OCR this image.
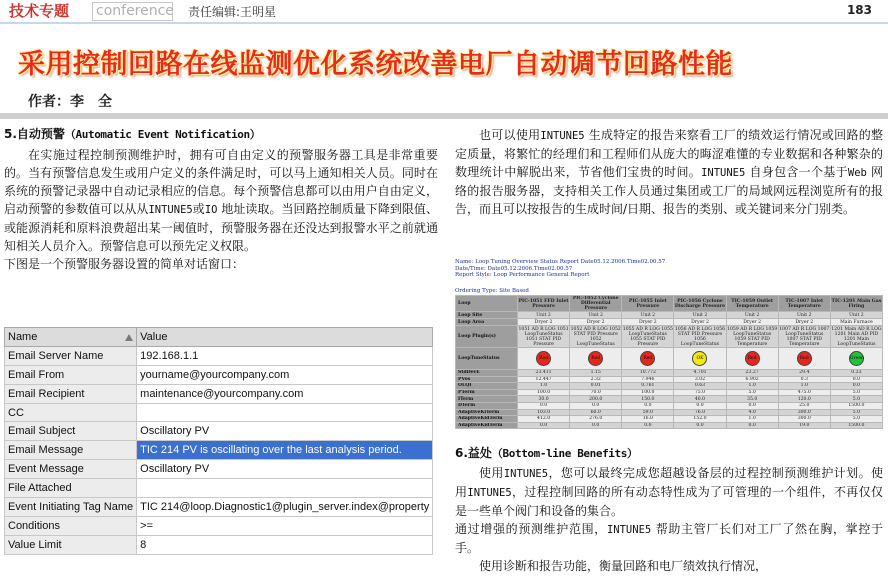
技术专题	conference 责任编辑:王明星	183
采用控制回路在线监测优化系统改善电厂自动调节回路性能
作者：李　全
5.自动预警（Automatic Event Notification）

在实施过程控制预测维护时，拥有可自由定义的预警服务器工具是非常重要的。当有预警信息发生或用户定义的条件满足时，可以马上通知相关人员。同时在系统的预警记录器中自动记录相应的信息。每个预警信息都可以由用户自由定义，启动预警的参数值可以从从INTUNE5或IO 地址读取。当回路控制质量下降到限值、或能源消耗和原料浪费超出某一阈值时，预警服务器在还没达到报警水平之前就通知相关人员介入。预警信息可以预先定义权限。

下图是一个预警服务器设置的简单对话窗口：

Name	Value
Email Server Name	192.168.1.1
Email From	yourname@yourcompany.com
Email Recipient	maintenance@yourcompany.com
CC	
Email Subject	Oscillatory PV
Email Message	TIC 214 PV is oscillating over the last analysis period.
Event Message	Oscillatory PV
File Attached	
Event Initiating Tag Name	TIC 214@loop.Diagnostic1@plugin_server.index@property
Conditions	>=
Value Limit	8

也可以使用INTUNE5 生成特定的报告来察看工厂的绩效运行情况或回路的整定质量，将繁忙的经理们和工程师们从庞大的晦涩难懂的专业数据和各种繁杂的数理统计中解脱出来，节省他们宝贵的时间。INTUNE5 自身包含一个基于Web 网络的报告服务器，支持相关工作人员通过集团或工厂的局域网远程浏览所有的报告，而且可以按报告的生成时间/日期、报告的类别、或关键词来分门别类。

Name: Loop Tuning Overview Status Report Date05.12.2006.Time02.00.57
Date/Time: Date05.12.2006.Time02.00.57
Report Style: Loop Performance General Report
Ordering Type: Site Based
Loop	PIC-1051 FFD Inlet Pressure	PIC-1052 Cyclone Differential Pressure	PIC-1055 Inlet Pressure	PIC-1056 Cyclone Discharge Pressure	TIC-1059 Outlet Temperature	TIC-1007 Inlet Temperature	TIC-1201 Main Gas Firing
Loop Site	Unit 2	Unit 2	Unit 2	Unit 2	Unit 2	Unit 2	Unit 2
Loop Area	Dryer 2	Dryer 2	Dryer 2	Dryer 2	Dryer 2	Dryer 2	Main Furnace
Loop Plugin(s)	1051 AD R LOG 1051 LoopTuneStatus 1051 STAT PID Pressure	1052 AD R LOG 1052 STAT PID Pressure 1052 LoopTuneStatus	1055 AD R LOG 1055 LoopTuneStatus 1055 STAT PID Pressure	1056 AD R LOG 1056 STAT PID Pressure 1056 LoopTuneStatus	1059 AD R LOG 1059 LoopTuneStatus 1059 STAT PID Temperature	1007 AD R LOG 1007 LoopTuneStatus 1007 STAT PID Temperature	1201 Main AD R LOG 1201 Main AD PID 1201 Main LoopTuneStatus
LoopTuneStatus	Red	Red	Red	OK	Red	Red	Green
StdDevE	23.411	1.15	10.772	4.701	23.27	29.4	0.33
PVos	12.447	2.32	7.946	3.02	6.902	0.3	0.0
OLQI	1.0	0.01	0.761	0.63	1.0	1.0	0.0
PTerm	100.0	70.0	100.0	75.0	5.0	475.0	5.0
ITerm	30.0	200.0	150.0	40.0	35.0	120.0	5.0
DTerm	0.0	0.0	0.0	0.0	0.0	25.0	1500.0
AdaptiveKiTerm	103.0	60.0	59.0	76.0	4.0	300.0	5.0
AdaptiveKidTerm	412.0	276.0	16.0	152.0	1.0	300.0	5.0
AdaptiveKidTerm	0.0	0.0	0.0	0.0	0.0	19.0	1500.0
6.益处（Bottom-line Benefits）

使用INTUNE5，您可以最终完成您超越设备层的过程控制预测维护计划。使用INTUNE5，过程控制回路的所有动态特性成为了可管理的一个组件，不再仅仅是一些单个阀门和设备的集合。

通过增强的预测维护范围，INTUNE5 帮助主管厂长们对工厂了然在胸，掌控于手。

使用诊断和报告功能，衡量回路和电厂绩效执行情况，
